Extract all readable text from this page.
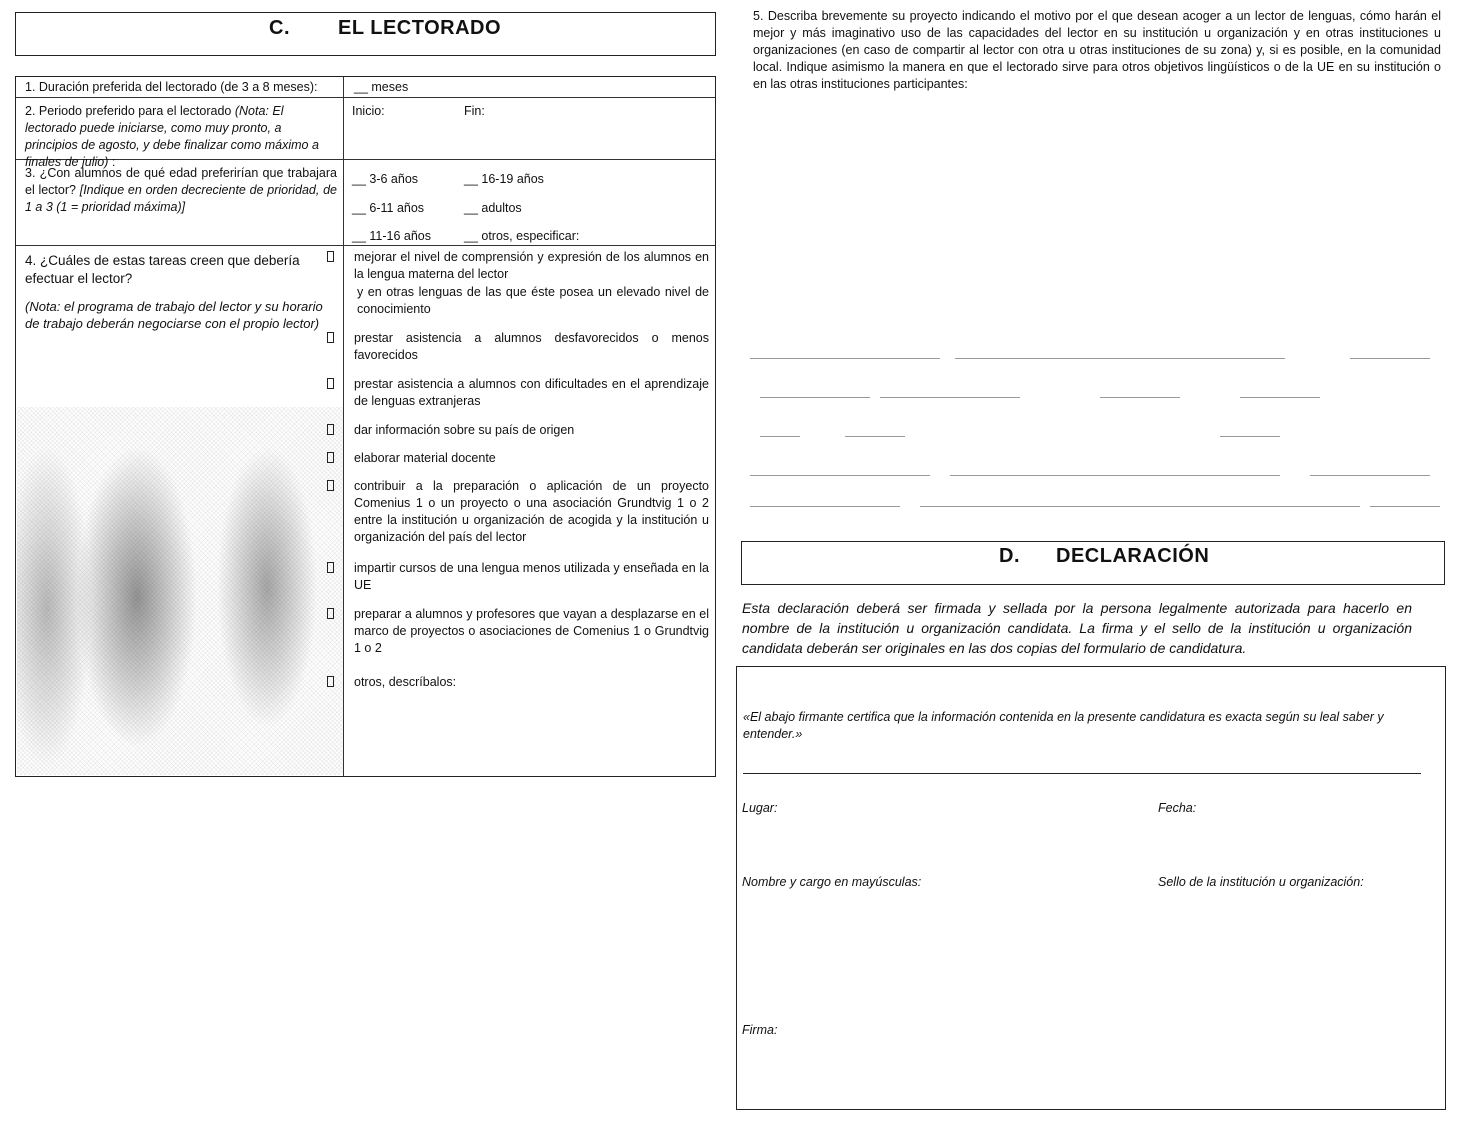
C. EL LECTORADO
1. Duración preferida del lectorado (de 3 a 8 meses):	__ meses
2. Periodo preferido para el lectorado (Nota: El lectorado puede iniciarse, como muy pronto, a principios de agosto, y debe finalizar como máximo a finales de julio) :
Inicio:	Fin:
3. ¿Con alumnos de qué edad preferirían que trabajara el lector? [Indique en orden decreciente de prioridad, de 1 a 3 (1 = prioridad máxima)]
__ 3-6 años	__ 16-19 años
__ 6-11 años	__ adultos
__ 11-16 años	__ otros, especificar:
4. ¿Cuáles de estas tareas creen que debería efectuar el lector?
(Nota: el programa de trabajo del lector y su horario de trabajo deberán negociarse con el propio lector)
mejorar el nivel de comprensión y expresión de los alumnos en la lengua materna del lector
y en otras lenguas de las que éste posea un elevado nivel de conocimiento
prestar asistencia a alumnos desfavorecidos o menos favorecidos
prestar asistencia a alumnos con dificultades en el aprendizaje de lenguas extranjeras
dar información sobre su país de origen
elaborar material docente
contribuir a la preparación o aplicación de un proyecto Comenius 1 o un proyecto o una asociación Grundtvig 1 o 2 entre la institución u organización de acogida y la institución u organización del país del lector
impartir cursos de una lengua menos utilizada y enseñada en la UE
preparar a alumnos y profesores que vayan a desplazarse en el marco de proyectos o asociaciones de Comenius 1 o Grundtvig 1 o 2
otros, descríbalos:
5. Describa brevemente su proyecto indicando el motivo por el que desean acoger a un lector de lenguas, cómo harán el mejor y más imaginativo uso de las capacidades del lector en su institución u organización y en otras instituciones u organizaciones (en caso de compartir al lector con otra u otras instituciones de su zona) y, si es posible, en la comunidad local. Indique asimismo la manera en que el lectorado sirve para otros objetivos lingüísticos o de la UE en su institución o en las otras instituciones participantes:
D. DECLARACIÓN
Esta declaración deberá ser firmada y sellada por la persona legalmente autorizada para hacerlo en nombre de la institución u organización candidata. La firma y el sello de la institución u organización candidata deberán ser originales en las dos copias del formulario de candidatura.
«El abajo firmante certifica que la información contenida en la presente candidatura es exacta según su leal saber y entender.»
Lugar:	Fecha:
Nombre y cargo en mayúsculas:	Sello de la institución u organización:
Firma:
